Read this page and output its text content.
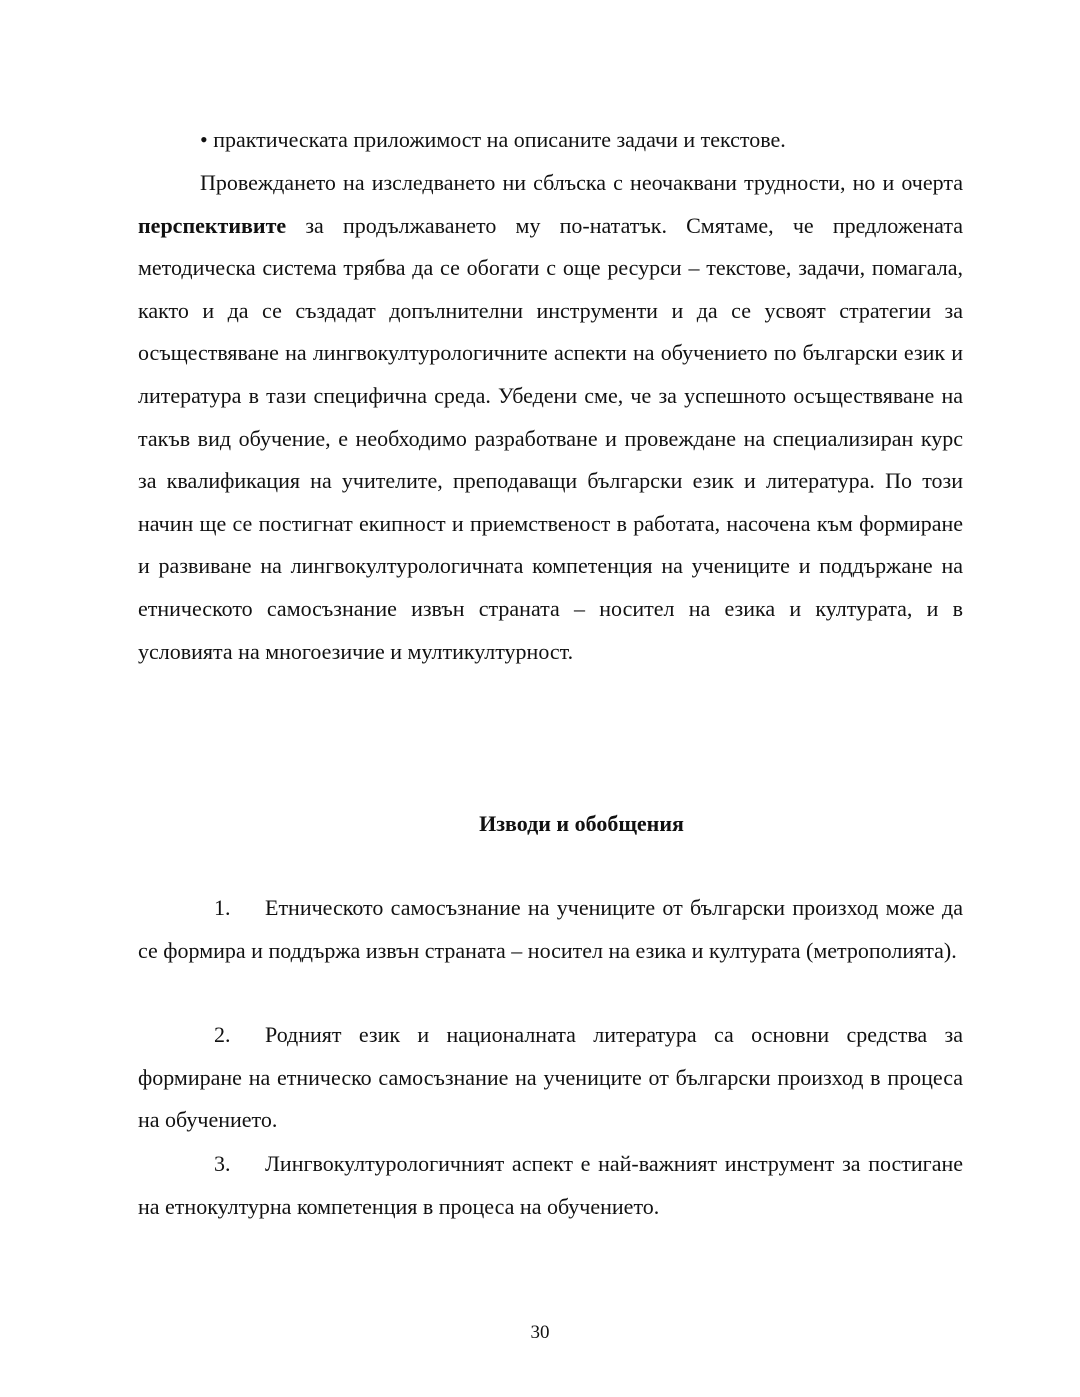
• практическата приложимост на описаните задачи и текстове.

Провеждането на изследването ни сблъска с неочаквани трудности, но и очерта перспективите за продължаването му по-нататък. Смятаме, че предложената методическа система трябва да се обогати с още ресурси – текстове, задачи, помагала, както и да се създадат допълнителни инструменти и да се усвоят стратегии за осъществяване на лингвокултурологичните аспекти на обучението по български език и литература в тази специфична среда. Убедени сме, че за успешното осъществяване на такъв вид обучение, е необходимо разработване и провеждане на специализиран курс за квалификация на учителите, преподаващи български език и литература. По този начин ще се постигнат екипност и приемственост в работата, насочена към формиране и развиване на лингвокултурологичната компетенция на учениците и поддържане на етническото самосъзнание извън страната – носител на езика и културата, и в условията на многоезичие и мултикултурност.

Изводи и обобщения

1. Етническото самосъзнание на учениците от български произход може да се формира и поддържа извън страната – носител на езика и културата (метрополията).

2. Родният език и националната литература са основни средства за формиране на етническо самосъзнание на учениците от български произход в процеса на обучението.

3. Лингвокултурологичният аспект е най-важният инструмент за постигане на етнокултурна компетенция в процеса на обучението.

30
